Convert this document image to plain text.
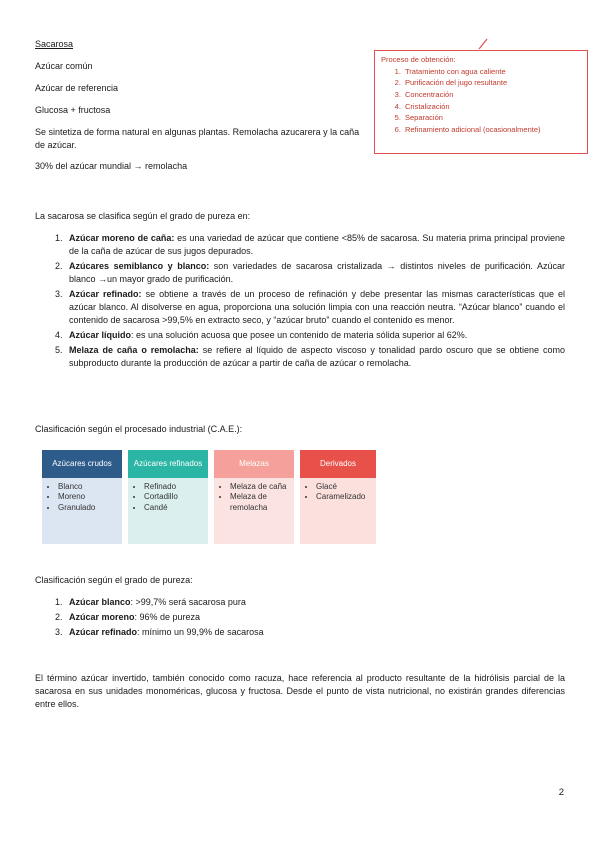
Sacarosa

Azúcar común

Azúcar de referencia

Glucosa + fructosa

Se sintetiza de forma natural en algunas plantas. Remolacha azucarera y la caña de azúcar.

30% del azúcar mundial → remolacha

Proceso de obtención:
1. Tratamiento con agua caliente
2. Purificación del jugo resultante
3. Concentración
4. Cristalización
5. Separación
6. Refinamiento adicional (ocasionalmente)

La sacarosa se clasifica según el grado de pureza en:

1. Azúcar moreno de caña: es una variedad de azúcar que contiene <85% de sacarosa. Su materia prima principal proviene de la caña de azúcar de sus jugos depurados.
2. Azúcares semiblanco y blanco: son variedades de sacarosa cristalizada → distintos niveles de purificación. Azúcar blanco →un mayor grado de purificación.
3. Azúcar refinado: se obtiene a través de un proceso de refinación y debe presentar las mismas características que el azúcar blanco. Al disolverse en agua, proporciona una solución limpia con una reacción neutra. “Azúcar blanco” cuando el contenido de sacarosa >99,5% en extracto seco, y “azúcar bruto” cuando el contenido es menor.
4. Azúcar líquido: es una solución acuosa que posee un contenido de materia sólida superior al 62%.
5. Melaza de caña o remolacha: se refiere al líquido de aspecto viscoso y tonalidad pardo oscuro que se obtiene como subproducto durante la producción de azúcar a partir de caña de azúcar o remolacha.

Clasificación según el procesado industrial (C.A.E.):

Azúcares crudos
• Blanco
• Moreno
• Granulado
Azúcares refinados
• Refinado
• Cortadillo
• Candé
Melazas
• Melaza de caña
• Melaza de remolacha
Derivados
• Glacé
• Caramelizado

Clasificación según el grado de pureza:

1. Azúcar blanco: >99,7% será sacarosa pura
2. Azúcar moreno: 96% de pureza
3. Azúcar refinado: mínimo un 99,9% de sacarosa

El término azúcar invertido, también conocido como racuza, hace referencia al producto resultante de la hidrólisis parcial de la sacarosa en sus unidades monoméricas, glucosa y fructosa. Desde el punto de vista nutricional, no existirán grandes diferencias entre ellos.

2
